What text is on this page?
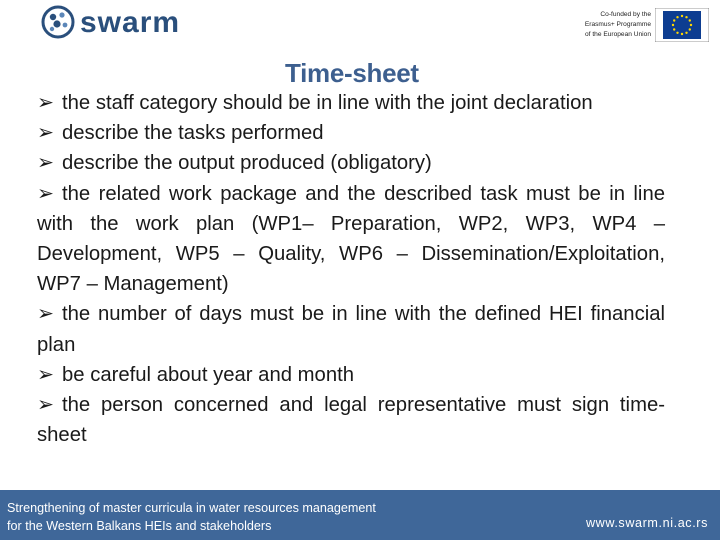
swarm	Co-funded by the
Erasmus+ Programme
of the European Union
Time-sheet

➢ the staff category should be in line with the joint declaration

➢ describe the tasks performed

➢ describe the output produced (obligatory)

➢ the related work package and the described task must be in line with the work plan (WP1– Preparation, WP2, WP3, WP4 – Development, WP5 – Quality, WP6 – Dissemination/Exploitation, WP7 – Management)

➢ the number of days must be in line with the defined HEI financial plan

➢ be careful about year and month

➢ the person concerned and legal representative must sign time-sheet

Strengthening of master curricula in water resources management
for the Western Balkans HEIs and stakeholders	www.swarm.ni.ac.rs
